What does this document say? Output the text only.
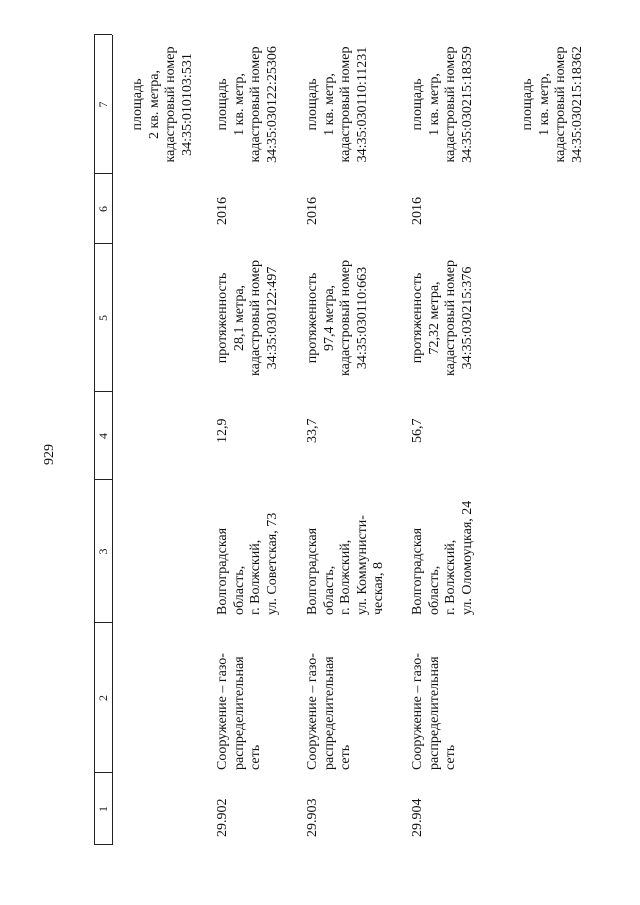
929
1
2
3
4
5
6
7 площадь 2 кв. метра, кадастровый номер 34:35:010103:531
29.902
Сооружение – газо- распределительная сеть
Волгоградская область, г. Волжский, ул. Советская, 73
12,9
протяженность 28,1 метра, кадастровый номер 34:35:030122:497
2016
площадь 1 кв. метр, кадастровый номер 34:35:030122:25306
29.903
Сооружение – газо- распределительная сеть
Волгоградская область, г. Волжский, ул. Коммунисти- ческая, 8
33,7
протяженность 97,4 метра, кадастровый номер 34:35:030110:663
2016
площадь 1 кв. метр, кадастровый номер 34:35:030110:11231
29.904
Сооружение – газо- распределительная сеть
Волгоградская область, г. Волжский, ул. Оломоуцкая, 24
56,7
протяженность 72,32 метра, кадастровый номер 34:35:030215:376
2016
площадь 1 кв. метр, кадастровый номер 34:35:030215:18359	площадь 1 кв. метр, кадастровый номер 34:35:030215:18362
